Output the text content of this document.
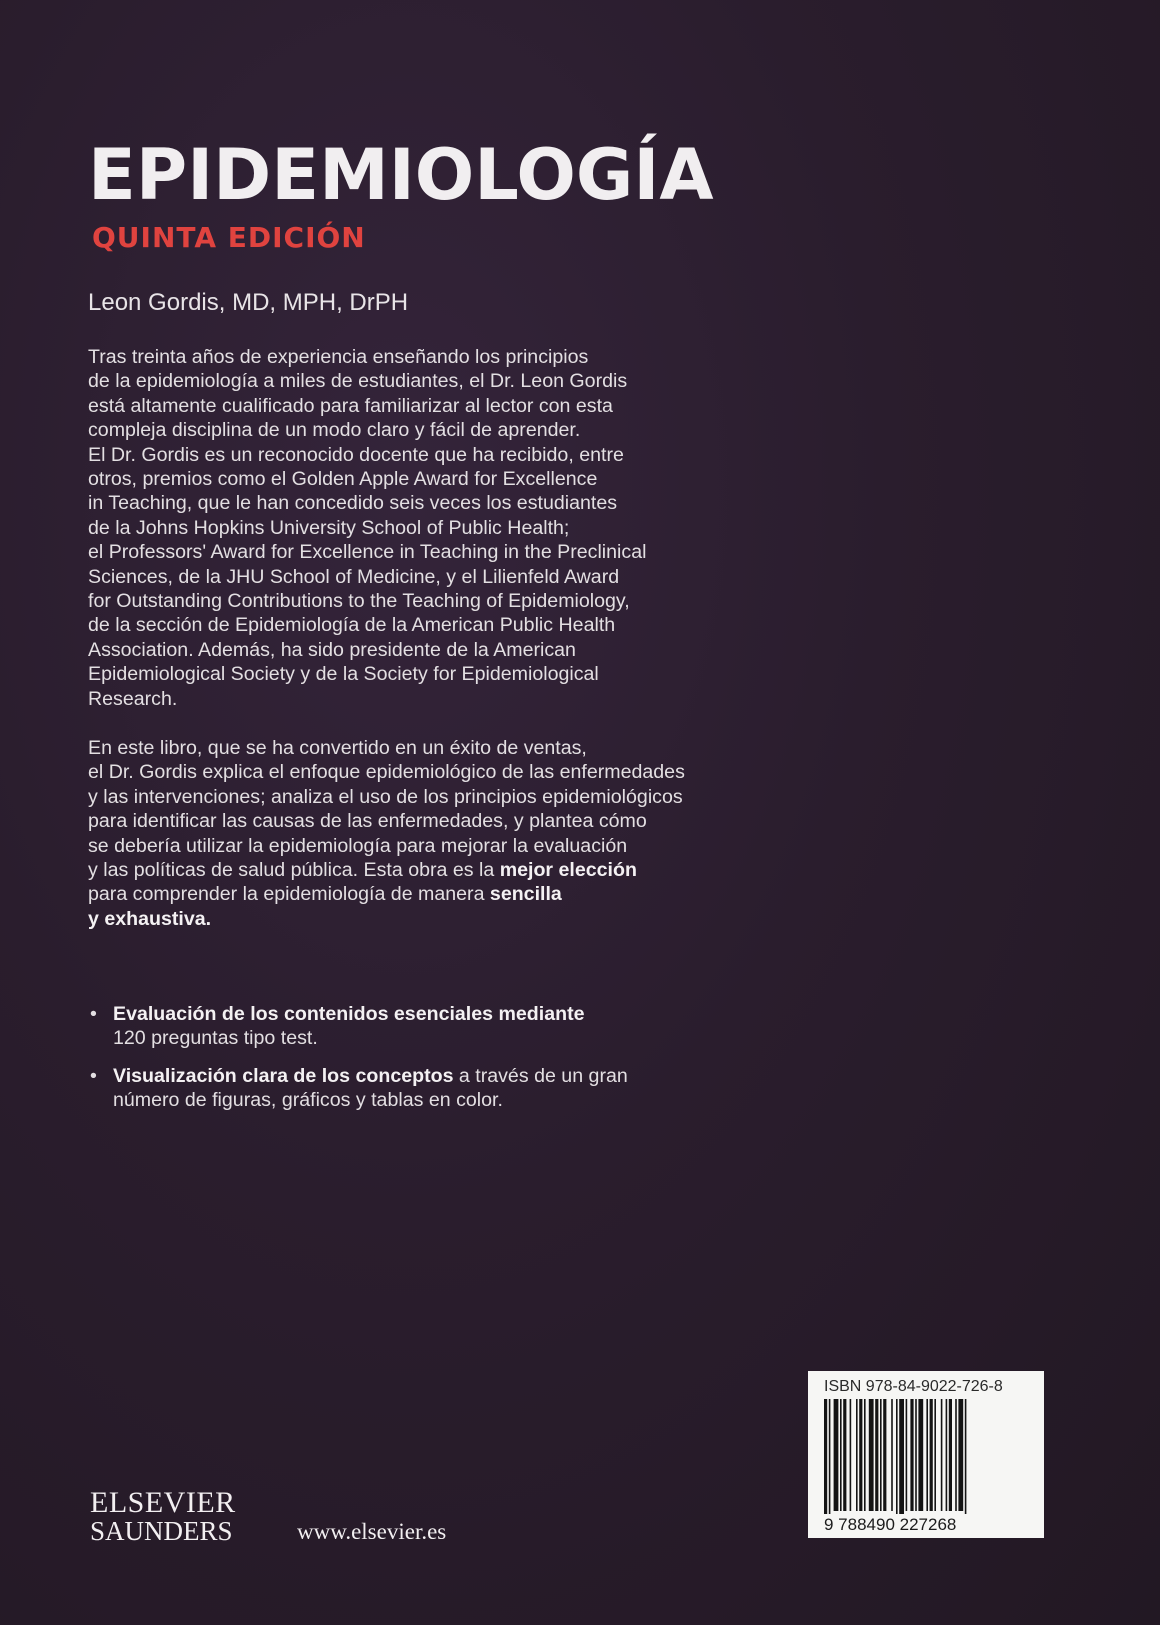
EPIDEMIOLOGÍA
QUINTA EDICIÓN
Leon Gordis, MD, MPH, DrPH
Tras treinta años de experiencia enseñando los principios
de la epidemiología a miles de estudiantes, el Dr. Leon Gordis
está altamente cualificado para familiarizar al lector con esta
compleja disciplina de un modo claro y fácil de aprender.
El Dr. Gordis es un reconocido docente que ha recibido, entre
otros, premios como el Golden Apple Award for Excellence
in Teaching, que le han concedido seis veces los estudiantes
de la Johns Hopkins University School of Public Health;
el Professors' Award for Excellence in Teaching in the Preclinical
Sciences, de la JHU School of Medicine, y el Lilienfeld Award
for Outstanding Contributions to the Teaching of Epidemiology,
de la sección de Epidemiología de la American Public Health
Association. Además, ha sido presidente de la American
Epidemiological Society y de la Society for Epidemiological
Research.
En este libro, que se ha convertido en un éxito de ventas,
el Dr. Gordis explica el enfoque epidemiológico de las enfermedades
y las intervenciones; analiza el uso de los principios epidemiológicos
para identificar las causas de las enfermedades, y plantea cómo
se debería utilizar la epidemiología para mejorar la evaluación
y las políticas de salud pública. Esta obra es la mejor elección
para comprender la epidemiología de manera sencilla
y exhaustiva.
• Evaluación de los contenidos esenciales mediante
120 preguntas tipo test.
• Visualización clara de los conceptos a través de un gran
número de figuras, gráficos y tablas en color.
ELSEVIER
SAUNDERS	www.elsevier.es
ISBN 978-84-9022-726-8
9 788490 227268
